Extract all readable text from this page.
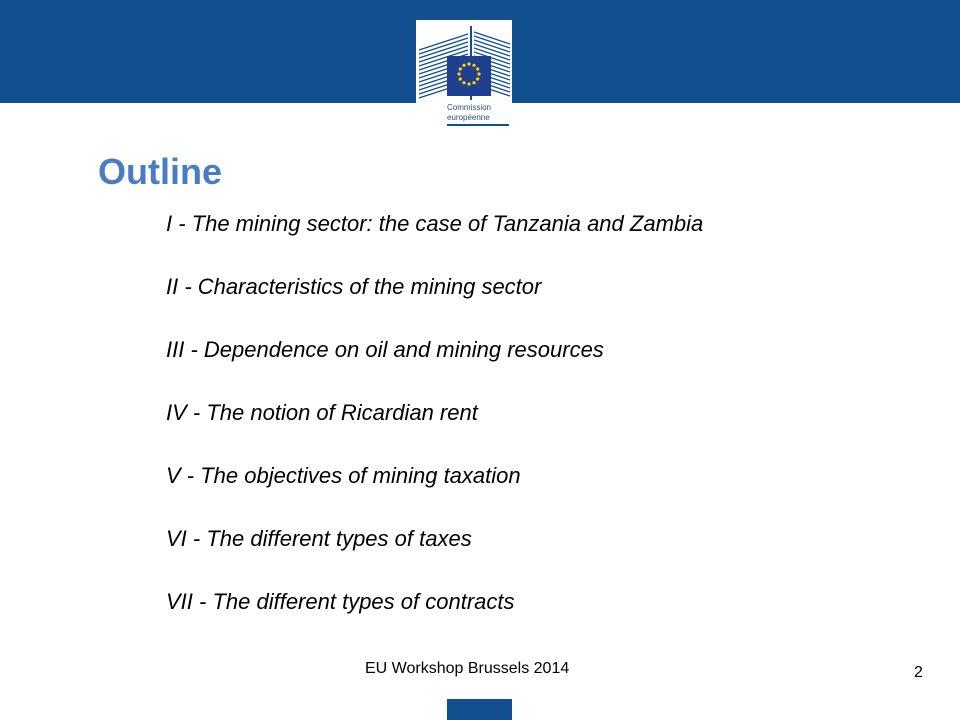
Commission
européenne
Outline
I - The mining sector: the case of Tanzania and Zambia
II - Characteristics of the mining sector
III - Dependence on oil and mining resources
IV - The notion of Ricardian rent
V - The objectives of mining taxation
VI - The different types of taxes
VII - The different types of contracts
EU Workshop Brussels 2014	2
